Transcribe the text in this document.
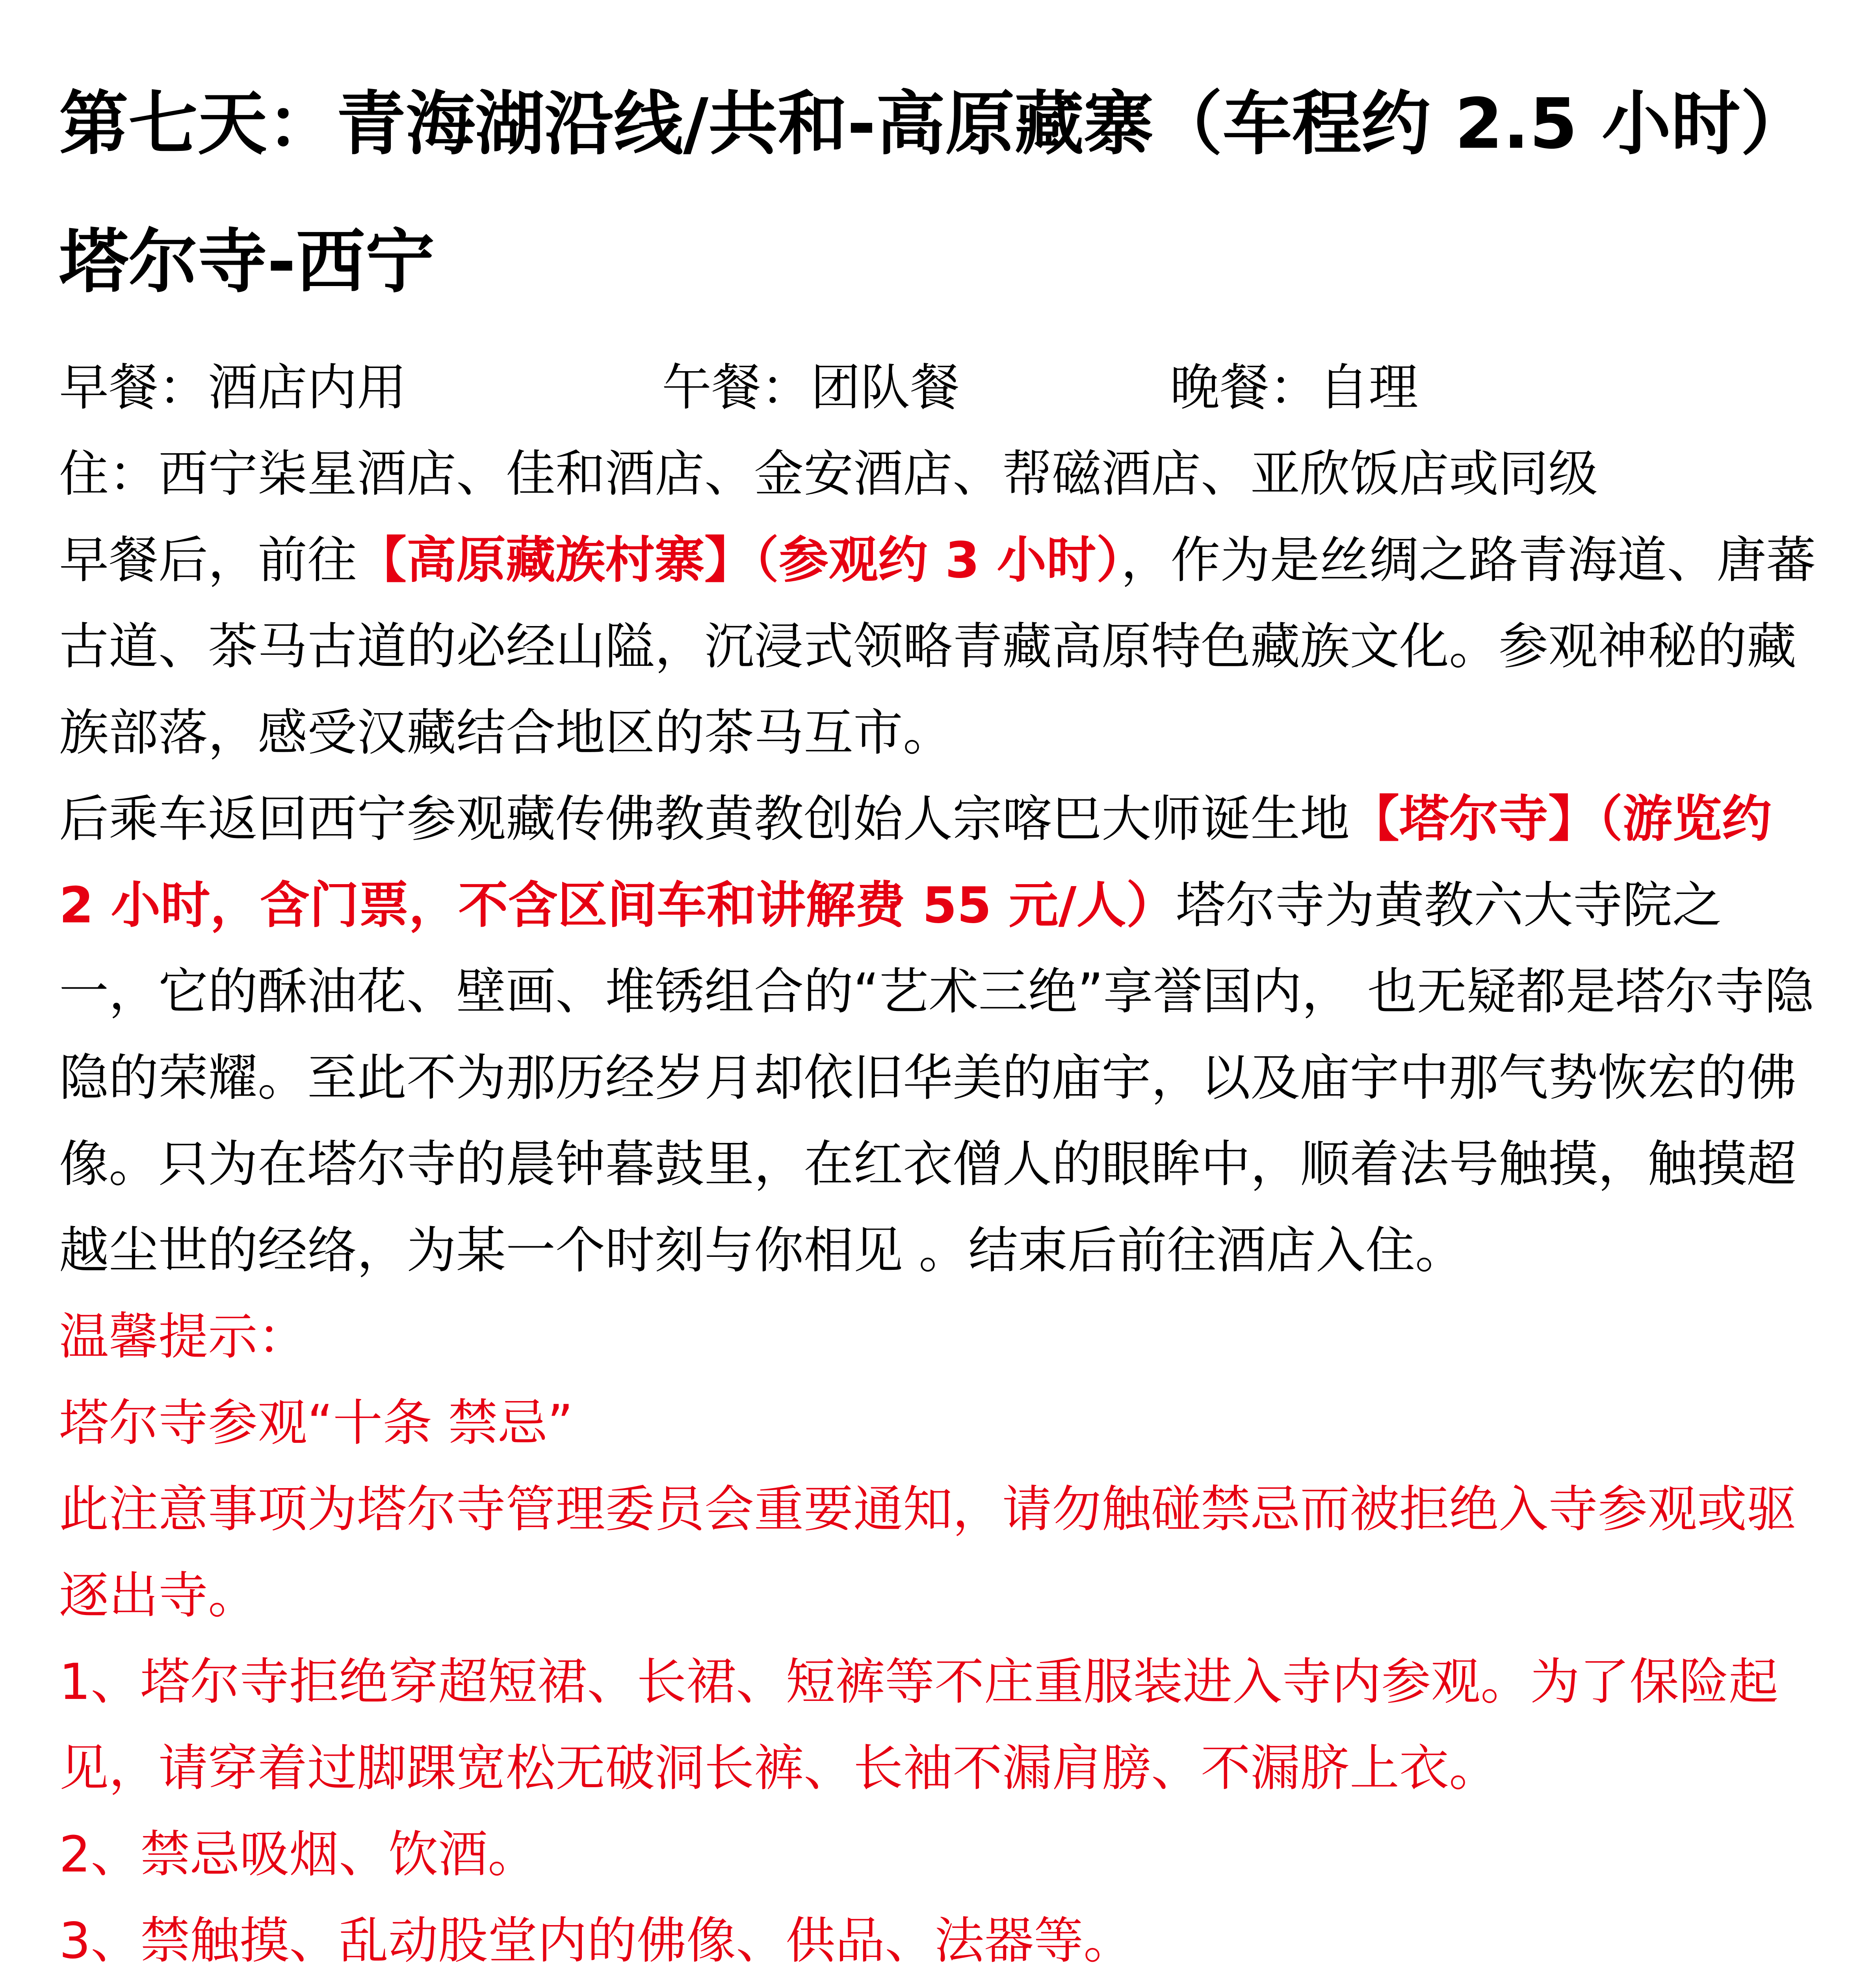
第七天：青海湖沿线/共和-高原藏寨（车程约 2.5 小时）塔尔寺-西宁
早餐：酒店内用	午餐：团队餐	晚餐：自理

住：西宁柒星酒店、佳和酒店、金安酒店、帮磁酒店、亚欣饭店或同级

早餐后，前往【高原藏族村寨】（参观约 3 小时），作为是丝绸之路青海道、唐蕃古道、茶马古道的必经山隘，沉浸式领略青藏高原特色藏族文化。参观神秘的藏族部落，感受汉藏结合地区的茶马互市。

后乘车返回西宁参观藏传佛教黄教创始人宗喀巴大师诞生地【塔尔寺】（游览约 2 小时，含门票，不含区间车和讲解费 55 元/人）塔尔寺为黄教六大寺院之一，它的酥油花、壁画、堆锈组合的“艺术三绝”享誉国内， 也无疑都是塔尔寺隐隐的荣耀。至此不为那历经岁月却依旧华美的庙宇，以及庙宇中那气势恢宏的佛像。只为在塔尔寺的晨钟暮鼓里，在红衣僧人的眼眸中，顺着法号触摸，触摸超越尘世的经络，为某一个时刻与你相见 。结束后前往酒店入住。

温馨提示：

塔尔寺参观“十条 禁忌”

此注意事项为塔尔寺管理委员会重要通知，请勿触碰禁忌而被拒绝入寺参观或驱逐出寺。

1、塔尔寺拒绝穿超短裙、长裙、短裤等不庄重服装进入寺内参观。为了保险起见，请穿着过脚踝宽松无破洞长裤、长袖不漏肩膀、不漏脐上衣。

2、禁忌吸烟、饮酒。

3、禁触摸、乱动股堂内的佛像、供品、法器等。
